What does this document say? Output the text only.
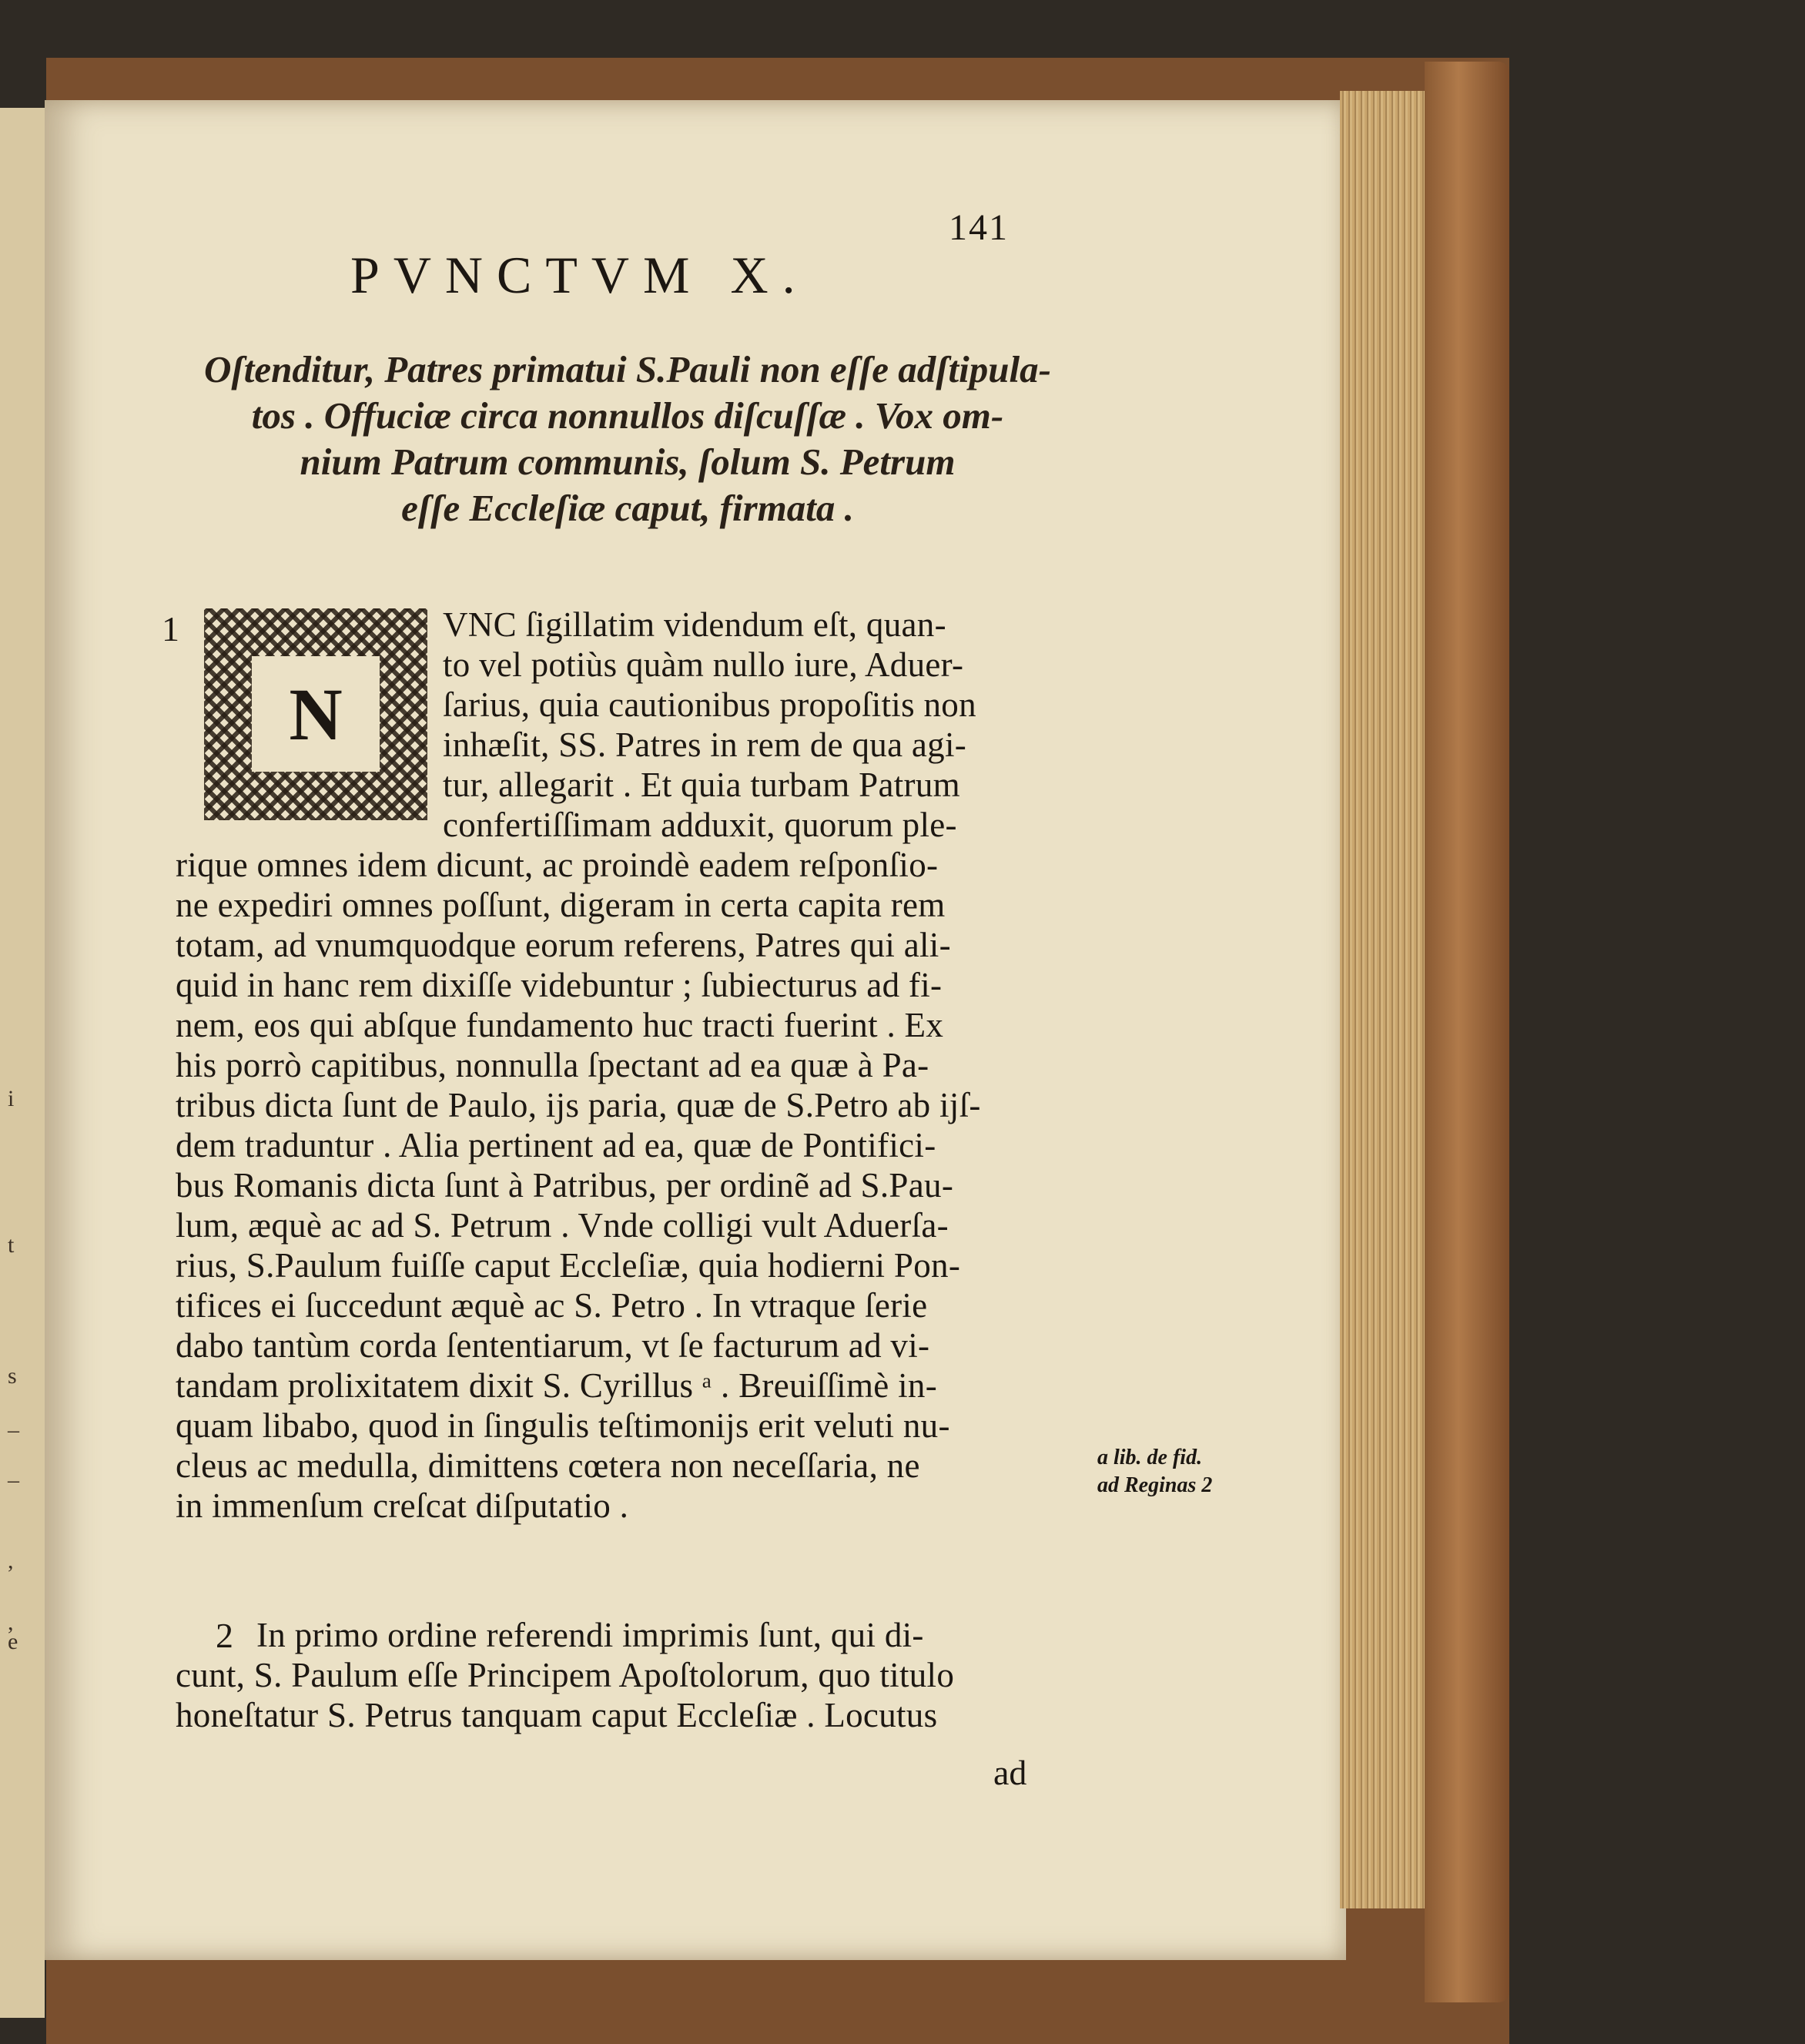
i
t
s
–
–
,
,
e
141
PVNCTVM X.
Oſtenditur, Patres primatui S.Pauli non eſſe adſtipula-
tos . Offuciæ circa nonnullos diſcuſſæ . Vox om-
nium Patrum communis, ſolum S. Petrum
eſſe Eccleſiæ caput, firmata .
1
N
VNC ſigillatim videndum eſt, quan-
to vel potiùs quàm nullo iure, Aduer-
ſarius, quia cautionibus propoſitis non
inhæſit, SS. Patres in rem de qua agi-
tur, allegarit . Et quia turbam Patrum
confertiſſimam adduxit, quorum ple-
rique omnes idem dicunt, ac proindè eadem reſponſio-
ne expediri omnes poſſunt, digeram in certa capita rem
totam, ad vnumquodque eorum referens, Patres qui ali-
quid in hanc rem dixiſſe videbuntur ; ſubiecturus ad fi-
nem, eos qui abſque fundamento huc tracti fuerint . Ex
his porrò capitibus, nonnulla ſpectant ad ea quæ à Pa-
tribus dicta ſunt de Paulo, ijs paria, quæ de S.Petro ab ijſ-
dem traduntur . Alia pertinent ad ea, quæ de Pontifici-
bus Romanis dicta ſunt à Patribus, per ordinẽ ad S.Pau-
lum, æquè ac ad S. Petrum . Vnde colligi vult Aduerſa-
rius, S.Paulum fuiſſe caput Eccleſiæ, quia hodierni Pon-
tifices ei ſuccedunt æquè ac S. Petro . In vtraque ſerie
dabo tantùm corda ſententiarum, vt ſe facturum ad vi-
tandam prolixitatem dixit S. Cyrillus ᵃ . Breuiſſimè in-
quam libabo, quod in ſingulis teſtimonijs erit veluti nu-
cleus ac medulla, dimittens cœtera non neceſſaria, ne
in immenſum creſcat diſputatio .
2 In primo ordine referendi imprimis ſunt, qui di-
cunt, S. Paulum eſſe Principem Apoſtolorum, quo titulo
honeſtatur S. Petrus tanquam caput Eccleſiæ . Locutus
a lib. de fid.
ad Reginas 2
ad
